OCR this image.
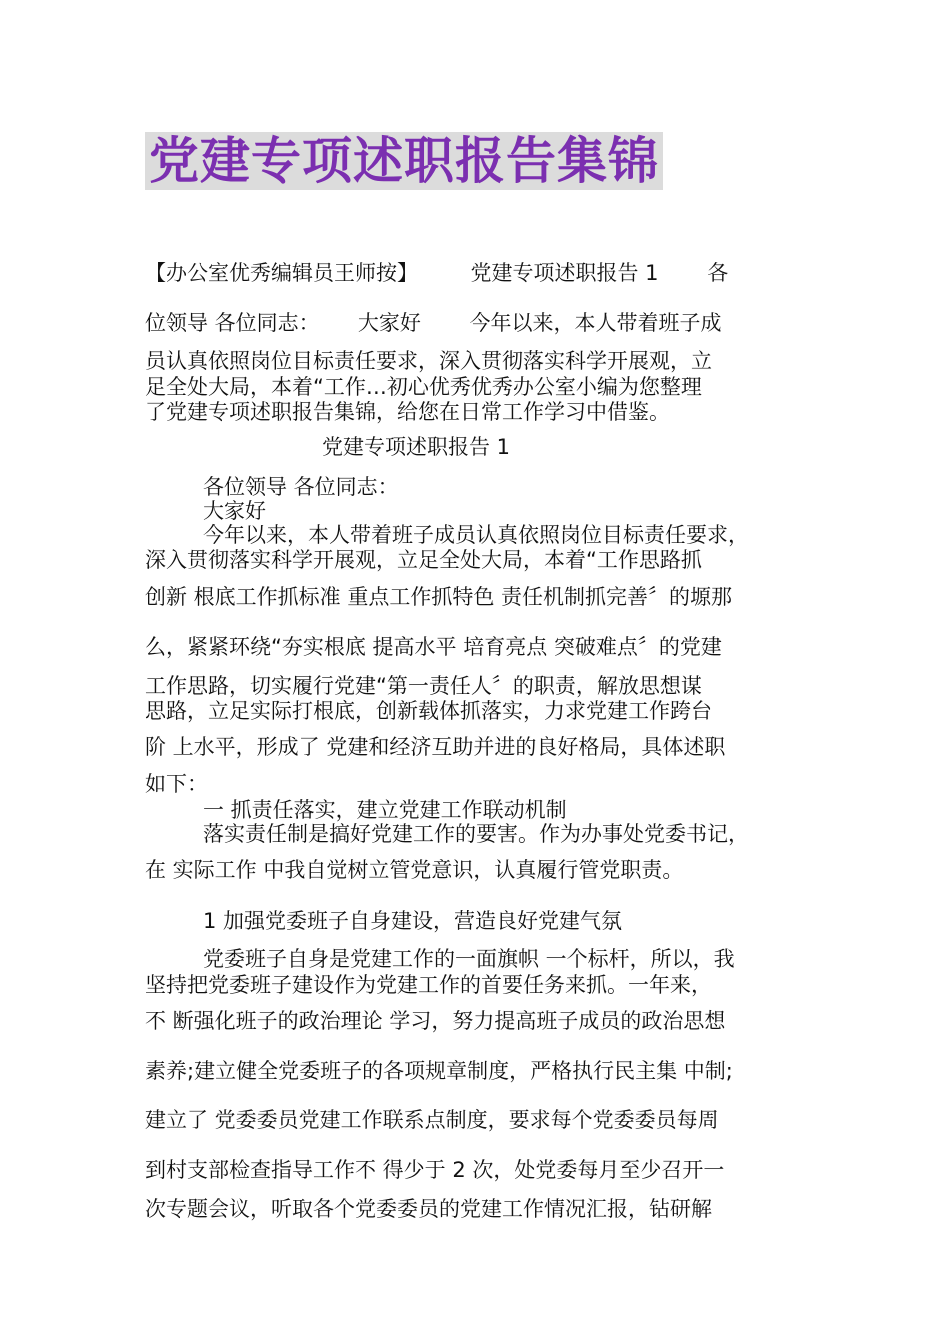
党建专项述职报告集锦
【办公室优秀编辑员王师按】　　　党建专项述职报告 1　　 各
位领导 各位同志：　　 大家好　　 今年以来，本人带着班子成
员认真依照岗位目标责任要求，深入贯彻落实科学开展观，立
足全处大局，本着“工作…初心优秀优秀办公室小编为您整理
了党建专项述职报告集锦，给您在日常工作学习中借鉴。
党建专项述职报告 1
各位领导 各位同志：
大家好
今年以来，本人带着班子成员认真依照岗位目标责任要求，
深入贯彻落实科学开展观，立足全处大局，本着“工作思路抓
创新 根底工作抓标准 重点工作抓特色 责任机制抓完善〞的塬那
么，紧紧环绕“夯实根底 提高水平 培育亮点 突破难点〞的党建
工作思路，切实履行党建“第一责任人〞的职责，解放思想谋
思路，立足实际打根底，创新载体抓落实，力求党建工作跨台
阶 上水平，形成了 党建和经济互助并进的良好格局，具体述职
如下：
一 抓责任落实，建立党建工作联动机制
落实责任制是搞好党建工作的要害。作为办事处党委书记，
在 实际工作 中我自觉树立管党意识，认真履行管党职责。
1 加强党委班子自身建设，营造良好党建气氛
党委班子自身是党建工作的一面旗帜 一个标杆，所以，我
坚持把党委班子建设作为党建工作的首要任务来抓。一年来，
不 断强化班子的政治理论 学习，努力提高班子成员的政治思想
素养;建立健全党委班子的各项规章制度，严格执行民主集 中制;
建立了 党委委员党建工作联系点制度，要求每个党委委员每周
到村支部检查指导工作不 得少于 2 次，处党委每月至少召开一
次专题会议，听取各个党委委员的党建工作情况汇报，钻研解
